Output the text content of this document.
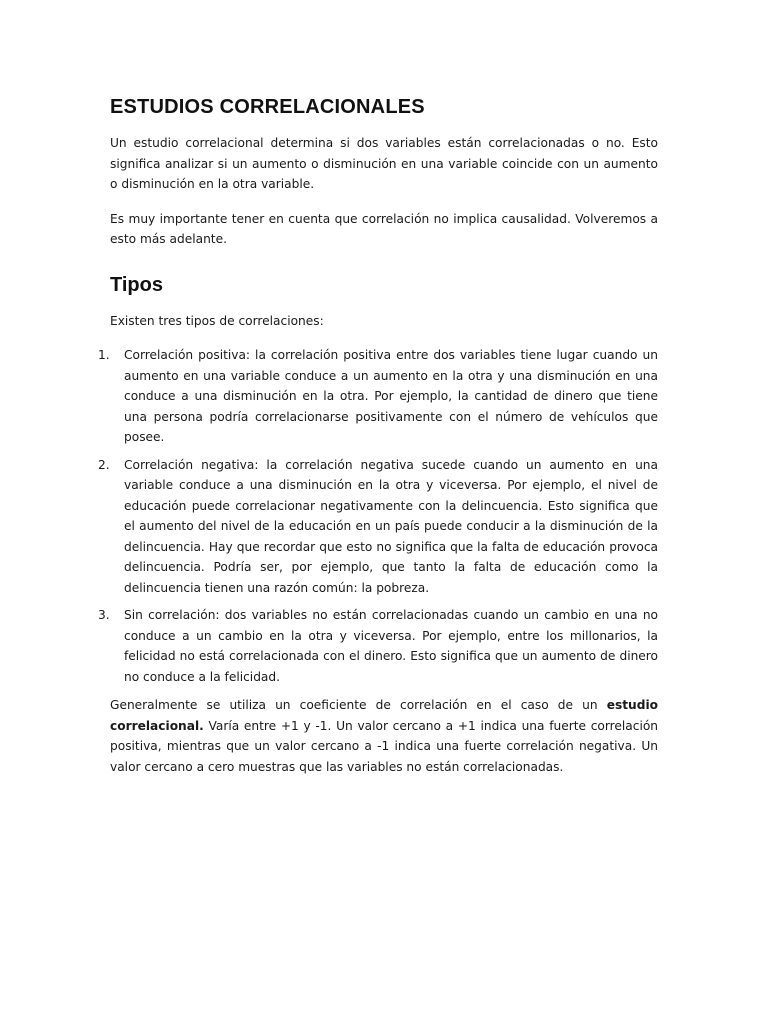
ESTUDIOS CORRELACIONALES

Un estudio correlacional determina si dos variables están correlacionadas o no. Esto significa analizar si un aumento o disminución en una variable coincide con un aumento o disminución en la otra variable.

Es muy importante tener en cuenta que correlación no implica causalidad. Volveremos a esto más adelante.

Tipos

Existen tres tipos de correlaciones:

1. Correlación positiva: la correlación positiva entre dos variables tiene lugar cuando un aumento en una variable conduce a un aumento en la otra y una disminución en una conduce a una disminución en la otra. Por ejemplo, la cantidad de dinero que tiene una persona podría correlacionarse positivamente con el número de vehículos que posee.
2. Correlación negativa: la correlación negativa sucede cuando un aumento en una variable conduce a una disminución en la otra y viceversa. Por ejemplo, el nivel de educación puede correlacionar negativamente con la delincuencia. Esto significa que el aumento del nivel de la educación en un país puede conducir a la disminución de la delincuencia. Hay que recordar que esto no significa que la falta de educación provoca delincuencia. Podría ser, por ejemplo, que tanto la falta de educación como la delincuencia tienen una razón común: la pobreza.
3. Sin correlación: dos variables no están correlacionadas cuando un cambio en una no conduce a un cambio en la otra y viceversa. Por ejemplo, entre los millonarios, la felicidad no está correlacionada con el dinero. Esto significa que un aumento de dinero no conduce a la felicidad.

Generalmente se utiliza un coeficiente de correlación en el caso de un estudio correlacional. Varía entre +1 y -1. Un valor cercano a +1 indica una fuerte correlación positiva, mientras que un valor cercano a -1 indica una fuerte correlación negativa. Un valor cercano a cero muestras que las variables no están correlacionadas.
